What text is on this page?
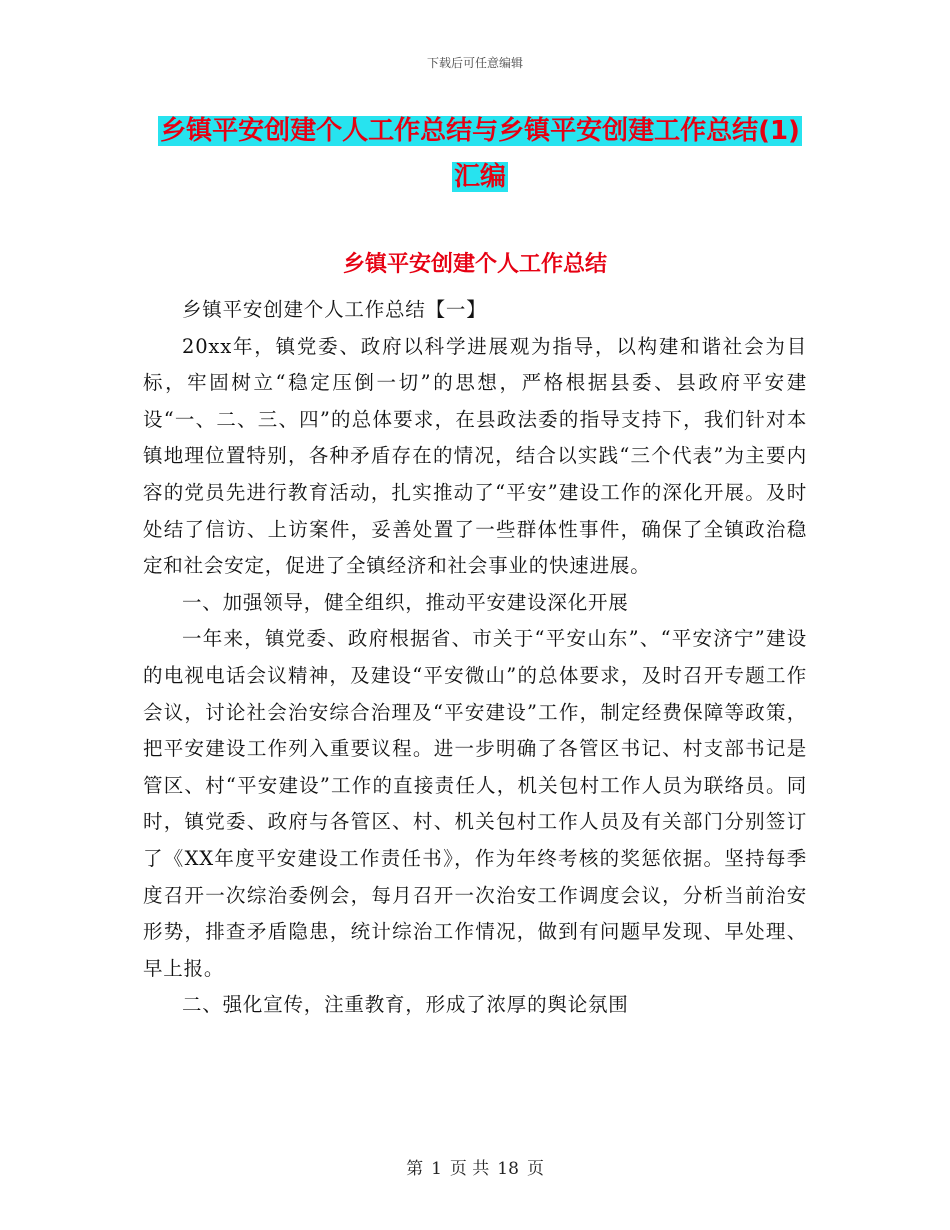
下载后可任意编辑
乡镇平安创建个人工作总结与乡镇平安创建工作总结(1)汇编
乡镇平安创建个人工作总结

乡镇平安创建个人工作总结【一】

20xx年，镇党委、政府以科学进展观为指导，以构建和谐社会为目标，牢固树立“稳定压倒一切”的思想，严格根据县委、县政府平安建设“一、二、三、四”的总体要求，在县政法委的指导支持下，我们针对本镇地理位置特别，各种矛盾存在的情况，结合以实践“三个代表”为主要内容的党员先进行教育活动，扎实推动了“平安”建设工作的深化开展。及时处结了信访、上访案件，妥善处置了一些群体性事件，确保了全镇政治稳定和社会安定，促进了全镇经济和社会事业的快速进展。

一、加强领导，健全组织，推动平安建设深化开展

一年来，镇党委、政府根据省、市关于“平安山东”、“平安济宁”建设的电视电话会议精神，及建设“平安微山”的总体要求，及时召开专题工作会议，讨论社会治安综合治理及“平安建设”工作，制定经费保障等政策，把平安建设工作列入重要议程。进一步明确了各管区书记、村支部书记是管区、村“平安建设”工作的直接责任人，机关包村工作人员为联络员。同时，镇党委、政府与各管区、村、机关包村工作人员及有关部门分别签订了《XX年度平安建设工作责任书》，作为年终考核的奖惩依据。坚持每季度召开一次综治委例会，每月召开一次治安工作调度会议，分析当前治安形势，排查矛盾隐患，统计综治工作情况，做到有问题早发现、早处理、早上报。

二、强化宣传，注重教育，形成了浓厚的舆论氛围

第 1 页 共 18 页
